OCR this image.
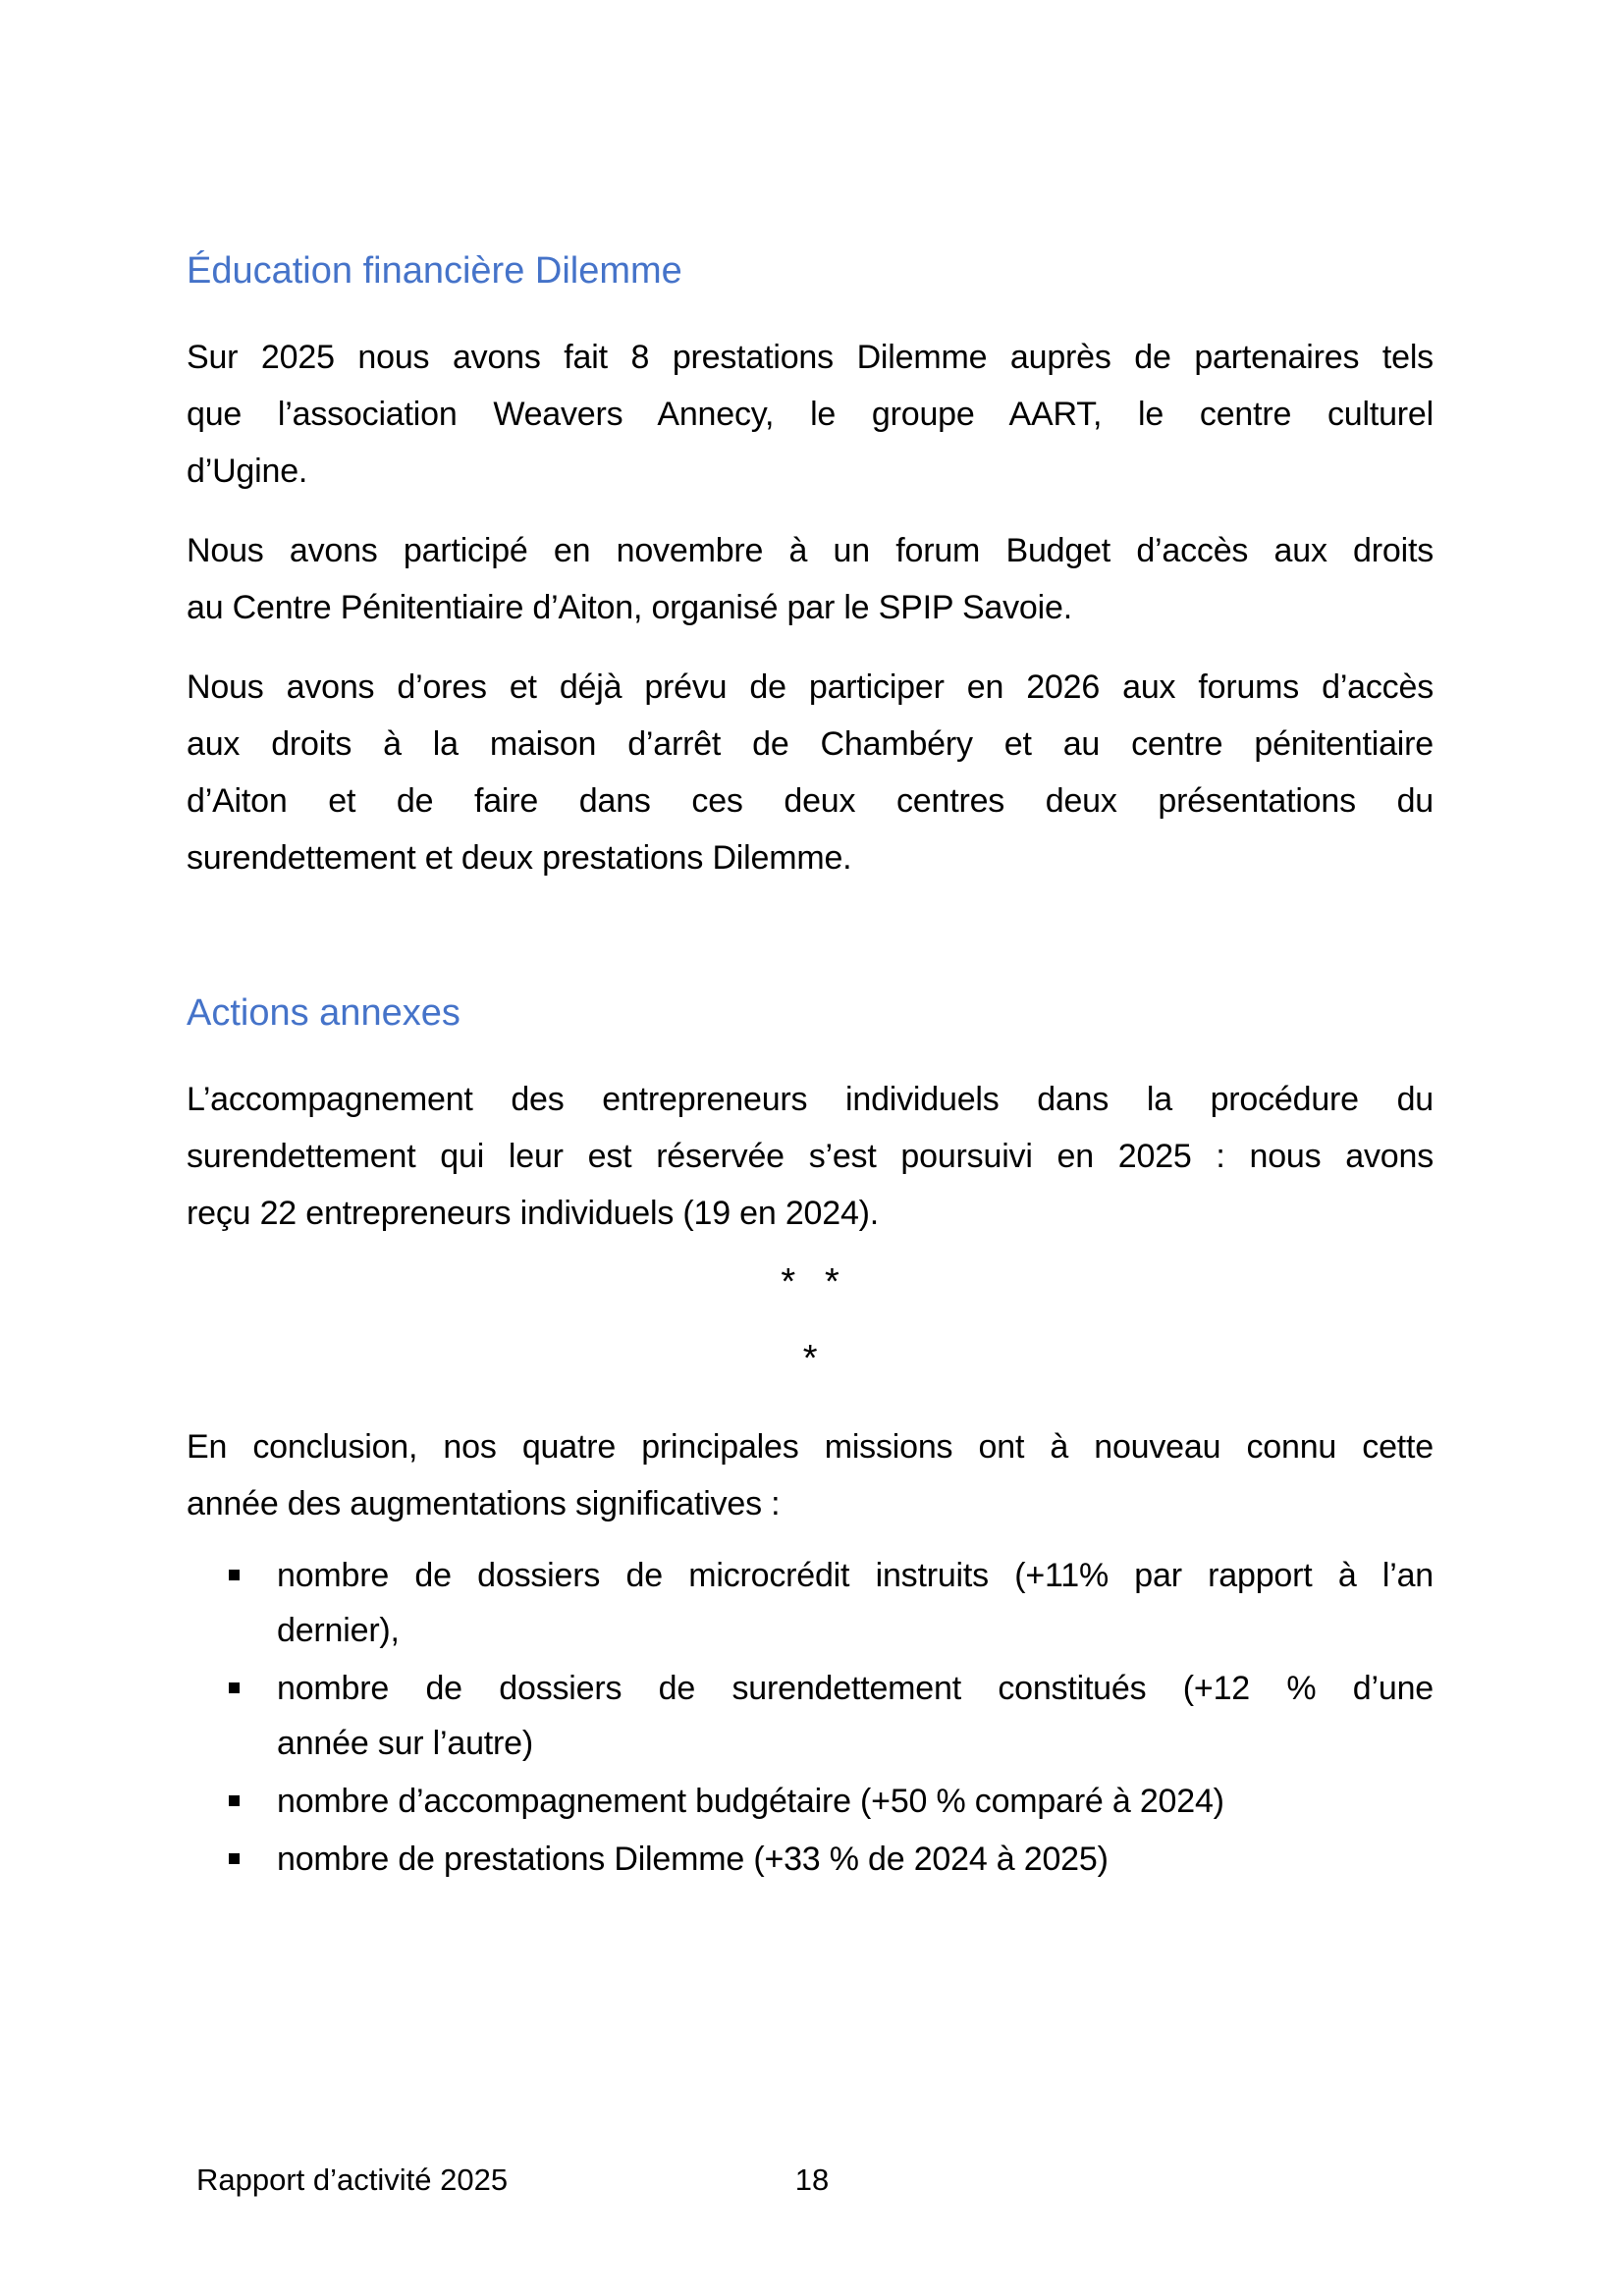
Éducation financière Dilemme
Sur 2025 nous avons fait 8 prestations Dilemme auprès de partenaires tels
que l’association Weavers Annecy, le groupe AART, le centre culturel
d’Ugine.
Nous avons participé en novembre à un forum Budget d’accès aux droits
au Centre Pénitentiaire d’Aiton, organisé par le SPIP Savoie.
Nous avons d’ores et déjà prévu de participer en 2026 aux forums d’accès
aux droits à la maison d’arrêt de Chambéry et au centre pénitentiaire
d’Aiton et de faire dans ces deux centres deux présentations du
surendettement et deux prestations Dilemme.
Actions annexes
L’accompagnement des entrepreneurs individuels dans la procédure du
surendettement qui leur est réservée s’est poursuivi en 2025 : nous avons
reçu 22 entrepreneurs individuels (19 en 2024).
* *
*
En conclusion, nos quatre principales missions ont à nouveau connu cette
année des augmentations significatives :
nombre de dossiers de microcrédit instruits (+11% par rapport à l’an
dernier),
nombre de dossiers de surendettement constitués (+12 % d’une
année sur l’autre)
nombre d’accompagnement budgétaire (+50 % comparé à 2024)
nombre de prestations Dilemme (+33 % de 2024 à 2025)
Rapport d’activité 2025	18
